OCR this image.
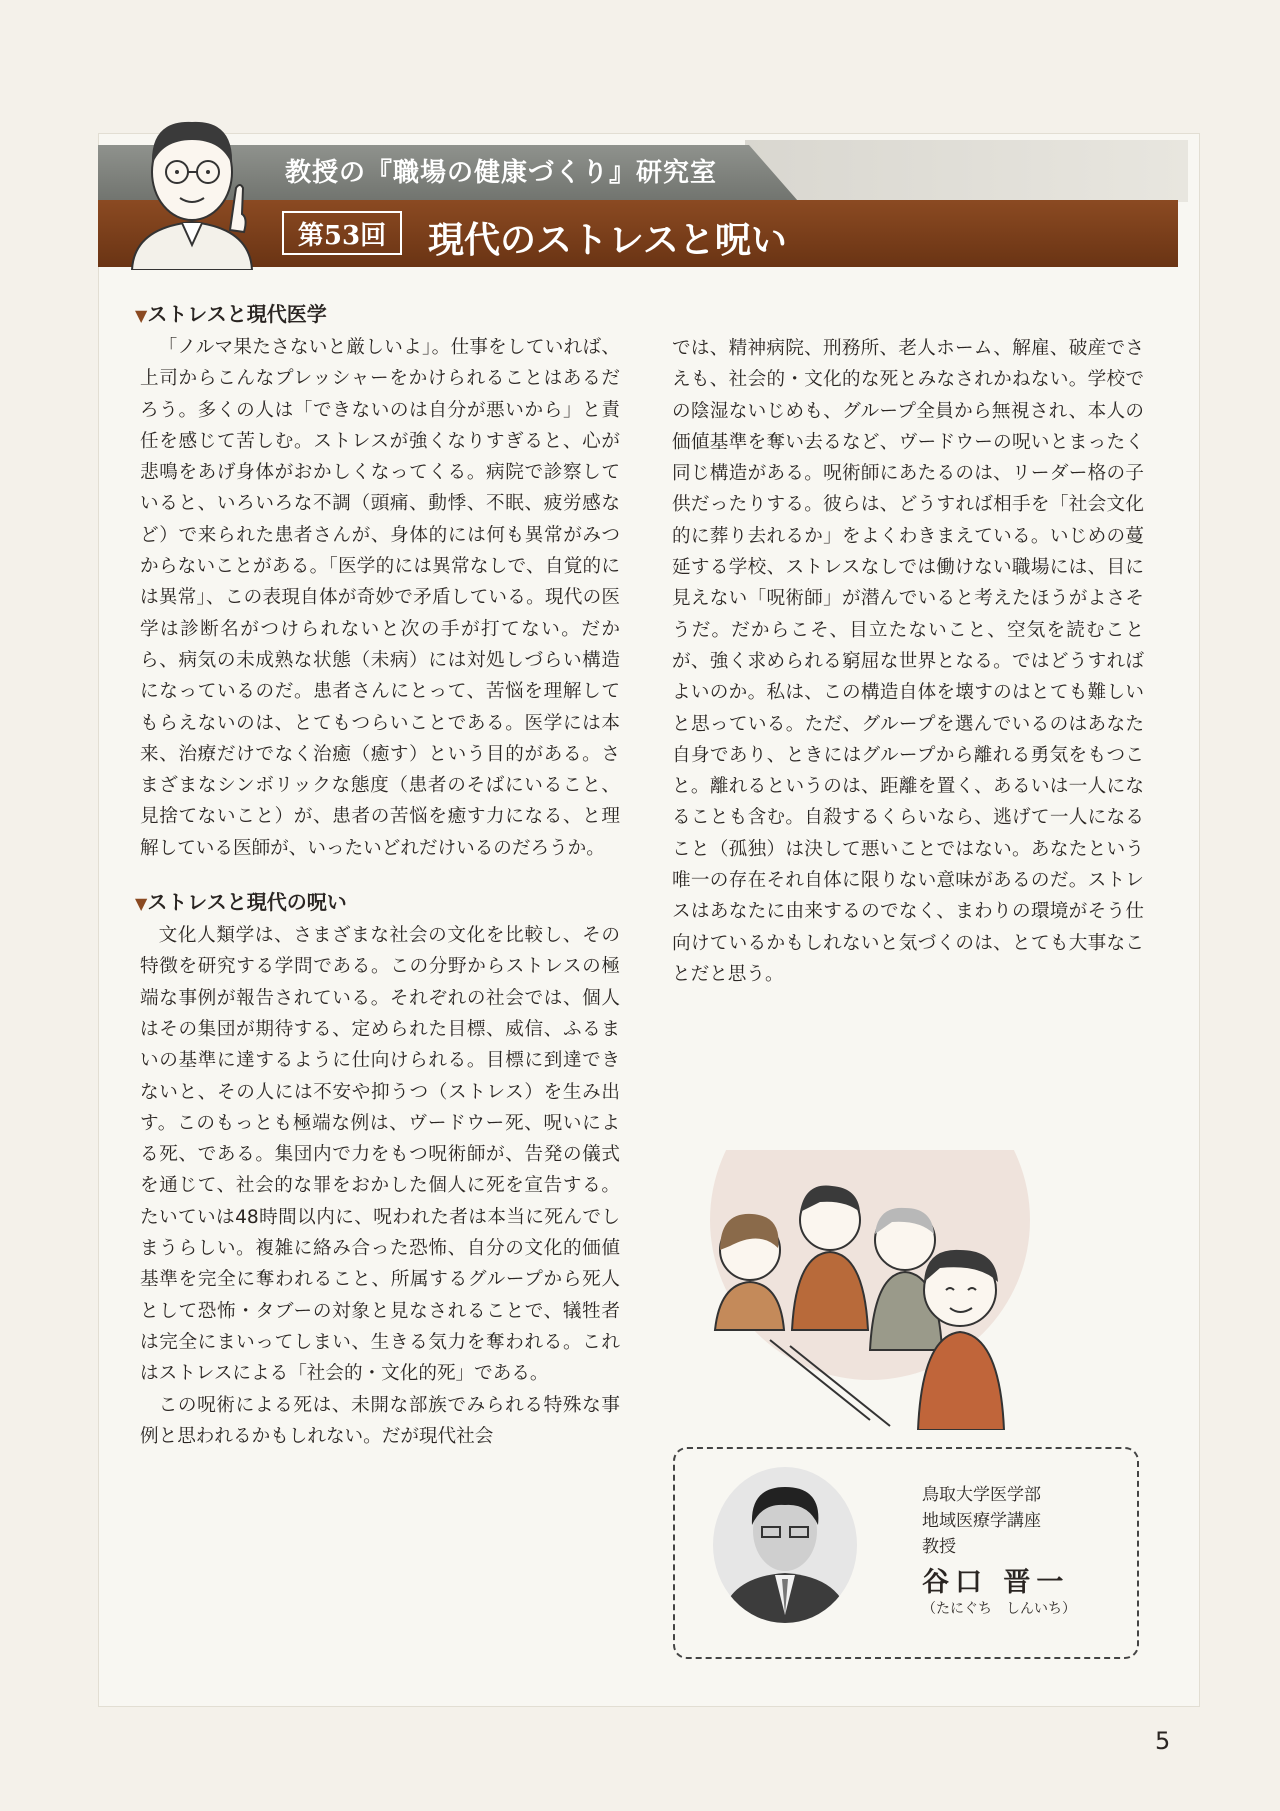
教授の『職場の健康づくり』研究室
第53回	現代のストレスと呪い
▼ストレスと現代医学

「ノルマ果たさないと厳しいよ」。仕事をしていれば、上司からこんなプレッシャーをかけられることはあるだろう。多くの人は「できないのは自分が悪いから」と責任を感じて苦しむ。ストレスが強くなりすぎると、心が悲鳴をあげ身体がおかしくなってくる。病院で診察していると、いろいろな不調（頭痛、動悸、不眠、疲労感など）で来られた患者さんが、身体的には何も異常がみつからないことがある。「医学的には異常なしで、自覚的には異常」、この表現自体が奇妙で矛盾している。現代の医学は診断名がつけられないと次の手が打てない。だから、病気の未成熟な状態（未病）には対処しづらい構造になっているのだ。患者さんにとって、苦悩を理解してもらえないのは、とてもつらいことである。医学には本来、治療だけでなく治癒（癒す）という目的がある。さまざまなシンボリックな態度（患者のそばにいること、見捨てないこと）が、患者の苦悩を癒す力になる、と理解している医師が、いったいどれだけいるのだろうか。

▼ストレスと現代の呪い

文化人類学は、さまざまな社会の文化を比較し、その特徴を研究する学問である。この分野からストレスの極端な事例が報告されている。それぞれの社会では、個人はその集団が期待する、定められた目標、威信、ふるまいの基準に達するように仕向けられる。目標に到達できないと、その人には不安や抑うつ（ストレス）を生み出す。このもっとも極端な例は、ヴードウー死、呪いによる死、である。集団内で力をもつ呪術師が、告発の儀式を通じて、社会的な罪をおかした個人に死を宣告する。たいていは48時間以内に、呪われた者は本当に死んでしまうらしい。複雑に絡み合った恐怖、自分の文化的価値基準を完全に奪われること、所属するグループから死人として恐怖・タブーの対象と見なされることで、犠牲者は完全にまいってしまい、生きる気力を奪われる。これはストレスによる「社会的・文化的死」である。

この呪術による死は、未開な部族でみられる特殊な事例と思われるかもしれない。だが現代社会

では、精神病院、刑務所、老人ホーム、解雇、破産でさえも、社会的・文化的な死とみなされかねない。学校での陰湿ないじめも、グループ全員から無視され、本人の価値基準を奪い去るなど、ヴードウーの呪いとまったく同じ構造がある。呪術師にあたるのは、リーダー格の子供だったりする。彼らは、どうすれば相手を「社会文化的に葬り去れるか」をよくわきまえている。いじめの蔓延する学校、ストレスなしでは働けない職場には、目に見えない「呪術師」が潜んでいると考えたほうがよさそうだ。だからこそ、目立たないこと、空気を読むことが、強く求められる窮屈な世界となる。ではどうすればよいのか。私は、この構造自体を壊すのはとても難しいと思っている。ただ、グループを選んでいるのはあなた自身であり、ときにはグループから離れる勇気をもつこと。離れるというのは、距離を置く、あるいは一人になることも含む。自殺するくらいなら、逃げて一人になること（孤独）は決して悪いことではない。あなたという唯一の存在それ自体に限りない意味があるのだ。ストレスはあなたに由来するのでなく、まわりの環境がそう仕向けているかもしれないと気づくのは、とても大事なことだと思う。

鳥取大学医学部
地域医療学講座
教授
谷口 晋一
（たにぐち　しんいち）
5
